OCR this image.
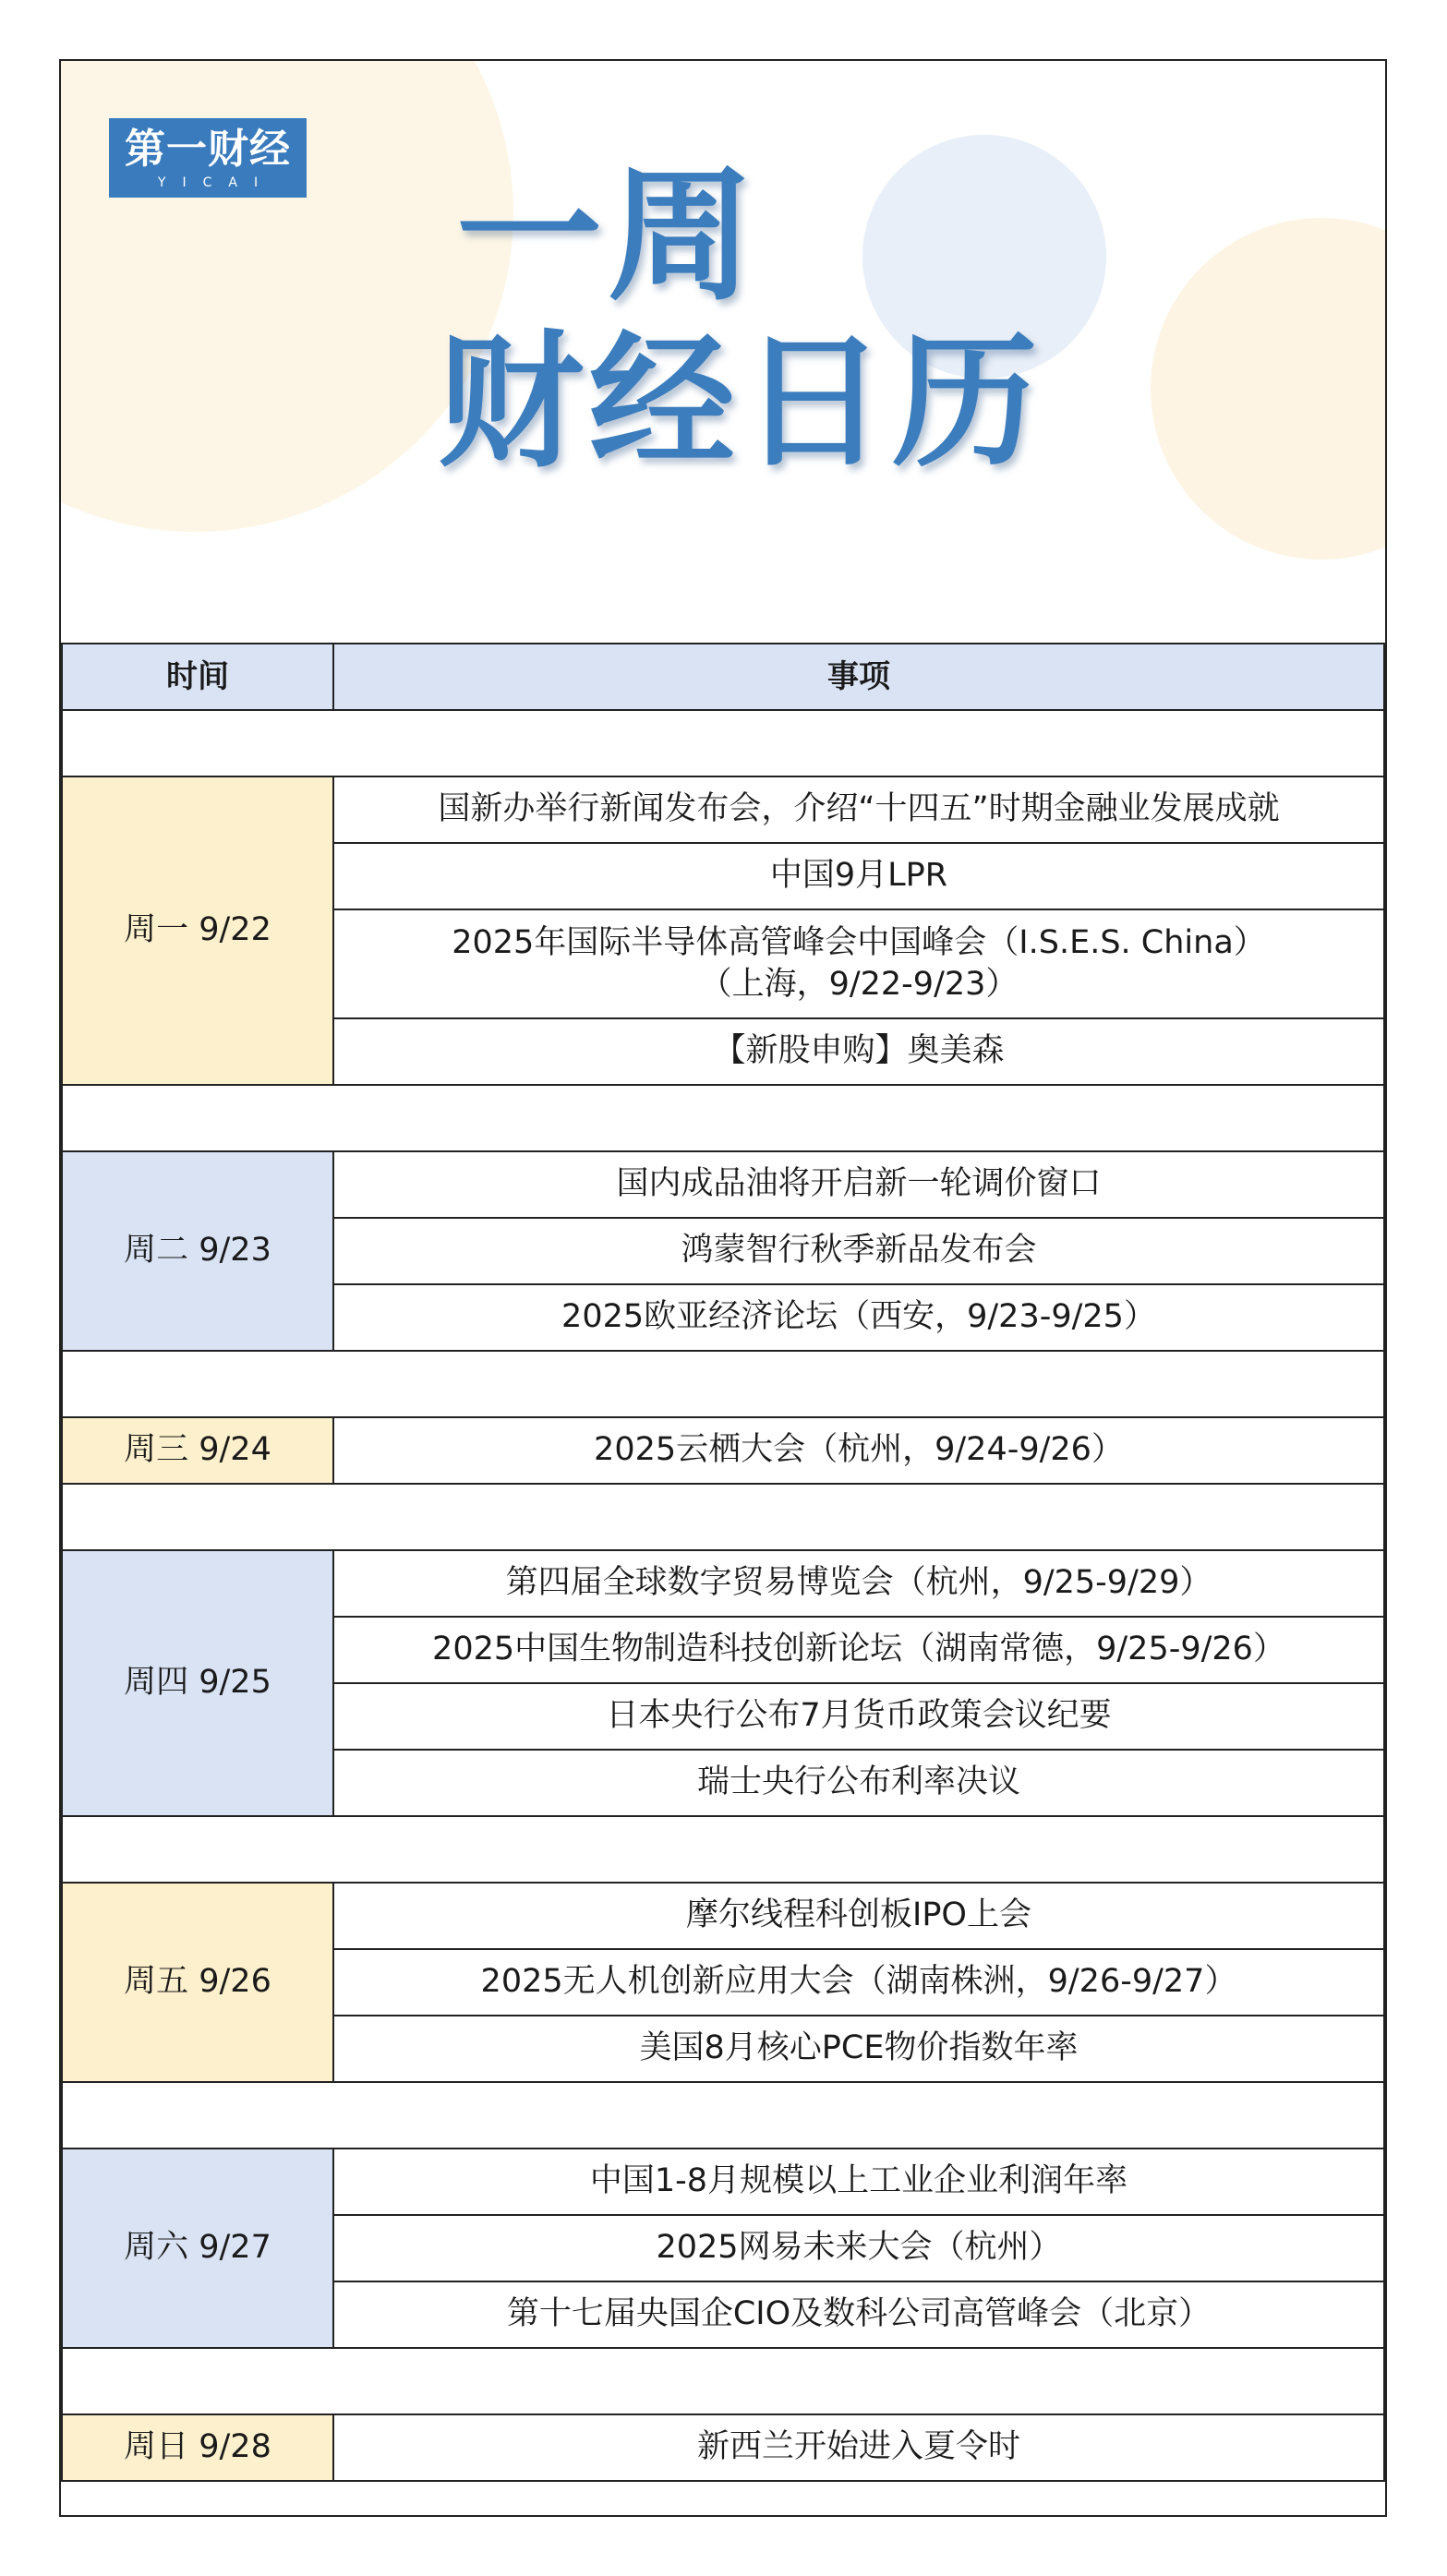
第一财经
YICAI 一周
财经日历
时间	事项

周一 9/22	国新办举行新闻发布会，介绍“十四五”时期金融业发展成就
	中国9月LPR
	2025年国际半导体高管峰会中国峰会（I.S.E.S. China）
（上海，9/22-9/23）
	【新股申购】奥美森

周二 9/23	国内成品油将开启新一轮调价窗口
	鸿蒙智行秋季新品发布会
	2025欧亚经济论坛（西安，9/23-9/25）

周三 9/24	2025云栖大会（杭州，9/24-9/26）

周四 9/25	第四届全球数字贸易博览会（杭州，9/25-9/29）
	2025中国生物制造科技创新论坛（湖南常德，9/25-9/26）
	日本央行公布7月货币政策会议纪要
	瑞士央行公布利率决议

周五 9/26	摩尔线程科创板IPO上会
	2025无人机创新应用大会（湖南株洲，9/26-9/27）
	美国8月核心PCE物价指数年率

周六 9/27	中国1-8月规模以上工业企业利润年率
	2025网易未来大会（杭州）
	第十七届央国企CIO及数科公司高管峰会（北京）

周日 9/28	新西兰开始进入夏令时
